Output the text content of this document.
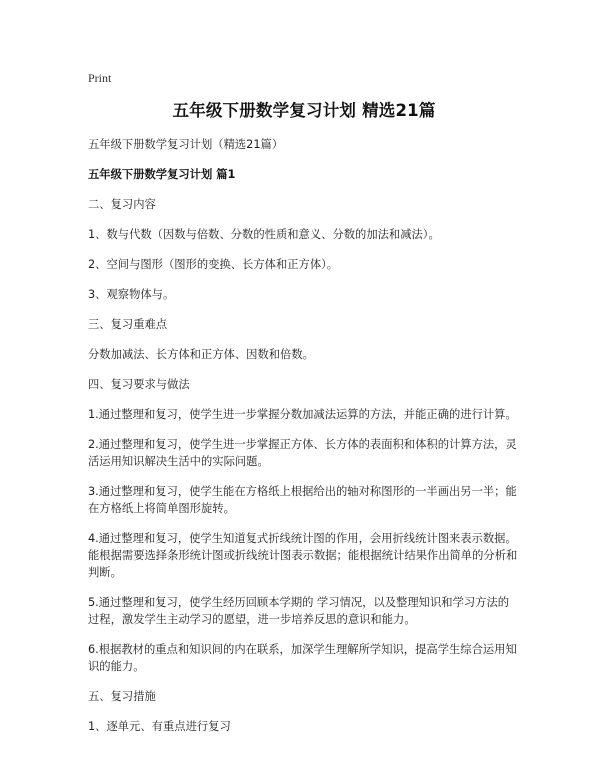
Print
五年级下册数学复习计划 精选21篇
五年级下册数学复习计划（精选21篇）
五年级下册数学复习计划 篇1
二、复习内容
1、数与代数（因数与倍数、分数的性质和意义、分数的加法和减法）。
2、空间与图形（图形的变换、长方体和正方体）。
3、观察物体与。
三、复习重难点
分数加减法、长方体和正方体、因数和倍数。
四、复习要求与做法
1.通过整理和复习，使学生进一步掌握分数加减法运算的方法，并能正确的进行计算。
2.通过整理和复习，使学生进一步掌握正方体、长方体的表面积和体积的计算方法，灵活运用知识解决生活中的实际问题。
3.通过整理和复习，使学生能在方格纸上根据给出的轴对称图形的一半画出另一半；能在方格纸上将简单图形旋转。
4.通过整理和复习，使学生知道复式折线统计图的作用，会用折线统计图来表示数据。能根据需要选择条形统计图或折线统计图表示数据；能根据统计结果作出简单的分析和判断。
5.通过整理和复习，使学生经历回顾本学期的 学习情况，以及整理知识和学习方法的过程，激发学生主动学习的愿望，进一步培养反思的意识和能力。
6.根据教材的重点和知识间的内在联系，加深学生理解所学知识，提高学生综合运用知识的能力。
五、复习措施
1、逐单元、有重点进行复习
